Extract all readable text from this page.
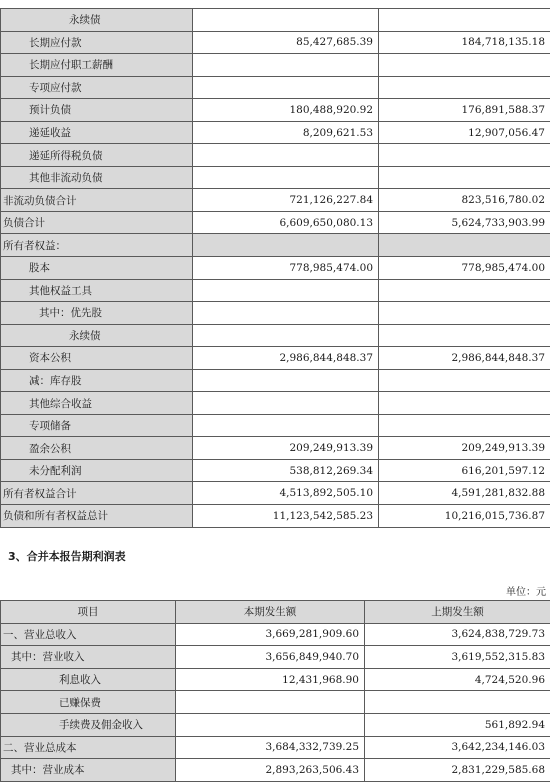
永续债		
长期应付款	85,427,685.39	184,718,135.18
长期应付职工薪酬		
专项应付款		
预计负债	180,488,920.92	176,891,588.37
递延收益	8,209,621.53	12,907,056.47
递延所得税负债		
其他非流动负债		
非流动负债合计	721,126,227.84	823,516,780.02
负债合计	6,609,650,080.13	5,624,733,903.99
所有者权益：		
股本	778,985,474.00	778,985,474.00
其他权益工具		
其中：优先股		
永续债		
资本公积	2,986,844,848.37	2,986,844,848.37
减：库存股		
其他综合收益		
专项储备		
盈余公积	209,249,913.39	209,249,913.39
未分配利润	538,812,269.34	616,201,597.12
所有者权益合计	4,513,892,505.10	4,591,281,832.88
负债和所有者权益总计	11,123,542,585.23	10,216,015,736.87
3、合并本报告期利润表
单位：元
项目	本期发生额	上期发生额
一、营业总收入	3,669,281,909.60	3,624,838,729.73
其中：营业收入	3,656,849,940.70	3,619,552,315.83
利息收入	12,431,968.90	4,724,520.96
已赚保费		
手续费及佣金收入		561,892.94
二、营业总成本	3,684,332,739.25	3,642,234,146.03
其中：营业成本	2,893,263,506.43	2,831,229,585.68
